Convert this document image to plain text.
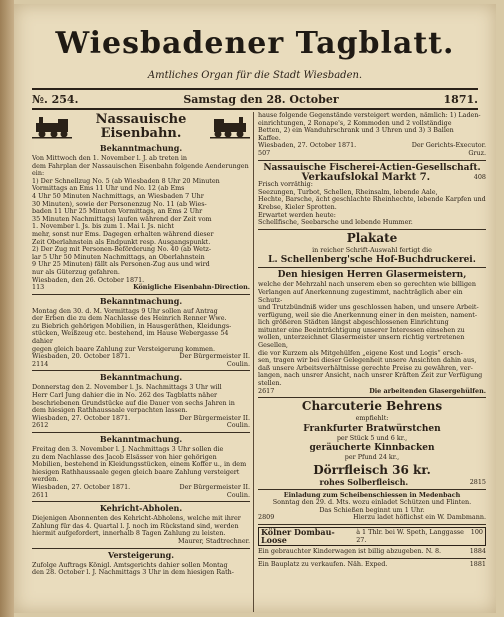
Wiesbadener Tagblatt.
Amtliches Organ für die Stadt Wiesbaden.
№. 254.	Samstag den 28. October	1871.
Nassauische
Eisenbahn.
Bekanntmachung.
Von Mittwoch den 1. November l. J. ab treten in
dem Fahrplan der Nassauischen Eisenbahn folgende Aenderungen ein:
1) Der Schnellzug No. 5 (ab Wiesbaden 8 Uhr 20 Minuten
Vormittags an Ems 11 Uhr und No. 12 (ab Ems
4 Uhr 50 Minuten Nachmittags, an Wiesbaden 7 Uhr
30 Minuten), sowie der Personenzug No. 11 (ab Wies-
baden 11 Uhr 25 Minuten Vormittags, an Ems 2 Uhr
35 Minuten Nachmittags) laufen während der Zeit vom
1. November l. Js. bis zum 1. Mai l. Js. nicht
mehr, sonst nur Ems. Dagegen erhalten während dieser
Zeit Oberlahnstein als Endpunkt resp. Ausgangspunkt.
2) Der Zug mit Personen-Beförderung No. 40 (ab Wetz-
lar 5 Uhr 50 Minuten Nachmittags, an Oberlahnstein
9 Uhr 25 Minuten) fällt als Personen-Zug aus und wird
nur als Güterzug gefahren.
Wiesbaden, den 26. October 1871.
113	Königliche Eisenbahn-Direction.
Bekanntmachung.
Montag den 30. d. M. Vormittags 9 Uhr sollen auf Antrag
der Erben die zu dem Nachlasse des Heinrich Renner Wwe.
zu Biebrich gehörigen Mobilien, in Hausgeräthen, Kleidungs-
stücken, Weißzeug etc. bestehend, im Hause Webergasse 54 dahier
gegen gleich baare Zahlung zur Versteigerung kommen.
Wiesbaden, 20. October 1871.	Der Bürgermeister II.
2114	Coulin.
Bekanntmachung.
Donnerstag den 2. November l. Js. Nachmittags 3 Uhr will
Herr Carl Jung dahier die in No. 262 des Tagblatts näher
beschriebenen Grundstücke auf die Dauer von sechs Jahren in
dem hiesigen Rathhaussaale verpachten lassen.
Wiesbaden, 27. October 1871.	Der Bürgermeister II.
2612	Coulin.
Bekanntmachung.
Freitag den 3. November l. J. Nachmittags 3 Uhr sollen die
zu dem Nachlasse des Jacob Elsässer von hier gehörigen
Mobilien, bestehend in Kleidungsstücken, einem Koffer u., in dem
hiesigen Rathhaussaale gegen gleich baare Zahlung versteigert werden.
Wiesbaden, 27. October 1871.	Der Bürgermeister II.
2611	Coulin.
Kehricht-Abholen.
Diejenigen Abonnenten des Kehricht-Abholens, welche mit ihrer
Zahlung für das 4. Quartal l. J. noch im Rückstand sind, werden
hiermit aufgefordert, innerhalb 8 Tagen Zahlung zu leisten.
Maurer, Stadtrechner.
Versteigerung.
Zufolge Auftrags Königl. Amtsgerichts dahier sollen Montag
den 28. October l. J. Nachmittags 3 Uhr in dem hiesigen Rath-
hause folgende Gegenstände versteigert werden, nämlich: 1) Laden-
einrichtungen, 2 Ronape's, 2 Kommoden und 2 vollständige
Betten, 2) ein Wanduhrschrank und 3 Uhren und 3) 3 Ballen
Kaffee.
Wiesbaden, 27. October 1871.	Der Gerichts-Executor.
507	Gruz.
Nassauische Fischerei-Actien-Gesellschaft.
Verkaufslokal Markt 7.	408
Frisch vorräthig:
Seezungen, Turbot, Schellen, Rheinsalm, lebende Aale,
Hechte, Barsche, ächt geschlachte Rheinhechte, lebende Karpfen und
Krebse, Kieler Sprotten.
Erwartet werden heute:
Schellfische, Seebarsche und lebende Hummer.
Plakate
in reicher Schrift-Auswahl fertigt die
L. Schellenberg'sche Hof-Buchdruckerei.
Den hiesigen Herren Glasermeistern,
welche der Mehrzahl nach unserem eben so gerechten wie billigen
Verlangen auf Anerkennung zugestimmt, nachträglich aber ein Schutz-
und Trutzbündniß wider uns geschlossen haben, und unsere Arbeit-
verfügung, weil sie die Anerkennung einer in den meisten, nament-
lich größeren Städten längst abgeschlossenen Einrichtung
mitunter eine Beeinträchtigung unserer Interessen einsehen zu
wollen, unterzeichnet Glasermeister unsern richtig vertretenen Gesellen,
die vor Kurzem als Mitgehülfen „eigene Kost und Logis“ ersch-
sen, tragen wir bei dieser Gelegenheit unsere Ansichten dahin aus,
daß unsere Arbeitsverhältnisse gerechte Preise zu gewähren, ver-
langen, nach unsrer Ansicht, nach unsrer Kräften Zeit zur Verfügung
stellen.
2617	Die arbeitenden Glasergehülfen.
Charcuterie Behrens
empfiehlt:
Frankfurter Bratwürstchen
per Stück 5 und 6 kr.,
geräucherte Kinnbacken
per Pfund 24 kr.,
Dörrfleisch 36 kr.
rohes Solberfleisch.	2815
Einladung zum Scheibenschiessen in Medenbach
Sonntag den 29. d. Mts. wozu einladet Schützen und Flinten.
Das Schießen beginnt um 1 Uhr.
2809	Hierzu ladet höflichst ein W. Dambmann.
Kölner Dombau-Loose
à 1 Thlr. bei W. Speth, Langgasse 27.
100
Ein gebrauchter Kinderwagen ist billig abzugeben. N. 8.	1884
Ein Bauplatz zu verkaufen. Näh. Exped.	1881
